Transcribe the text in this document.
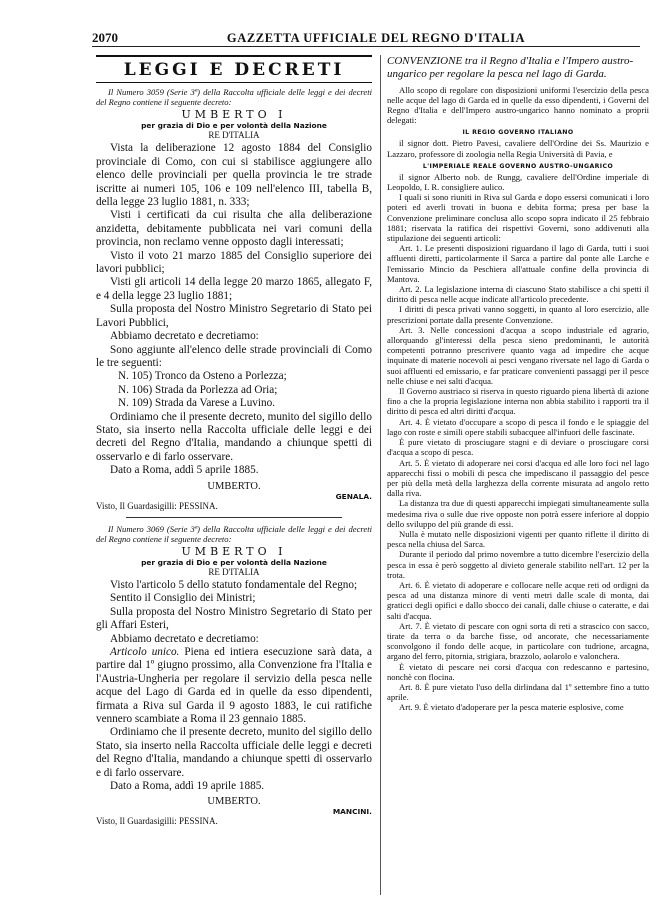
2070	GAZZETTA UFFICIALE DEL REGNO D'ITALIA
LEGGI E DECRETI

Il Numero 3059 (Serie 3ª) della Raccolta ufficiale delle leggi e dei decreti del Regno contiene il seguente decreto:

UMBERTO I

per grazia di Dio e per volontà della Nazione

RE D'ITALIA

Vista la deliberazione 12 agosto 1884 del Consiglio provinciale di Como, con cui si stabilisce aggiungere allo elenco delle provinciali per quella provincia le tre strade iscritte ai numeri 105, 106 e 109 nell'elenco III, tabella B, della legge 23 luglio 1881, n. 333;

Visti i certificati da cui risulta che alla deliberazione anzidetta, debitamente pubblicata nei vari comuni della provincia, non reclamo venne opposto dagli interessati;

Visto il voto 21 marzo 1885 del Consiglio superiore dei lavori pubblici;

Visti gli articoli 14 della legge 20 marzo 1865, allegato F, e 4 della legge 23 luglio 1881;

Sulla proposta del Nostro Ministro Segretario di Stato pei Lavori Pubblici,

Abbiamo decretato e decretiamo:

Sono aggiunte all'elenco delle strade provinciali di Como le tre seguenti:

N. 105) Tronco da Osteno a Porlezza;

N. 106) Strada da Porlezza ad Oria;

N. 109) Strada da Varese a Luvino.

Ordiniamo che il presente decreto, munito del sigillo dello Stato, sia inserto nella Raccolta ufficiale delle leggi e dei decreti del Regno d'Italia, mandando a chiunque spetti di osservarlo e di farlo osservare.

Dato a Roma, addì 5 aprile 1885.

UMBERTO.

GENALA.

Visto, Il Guardasigilli: PESSINA.

Il Numero 3069 (Serie 3ª) della Raccolta ufficiale delle leggi e dei decreti del Regno contiene il seguente decreto:

UMBERTO I

per grazia di Dio e per volontà della Nazione

RE D'ITALIA

Visto l'articolo 5 dello statuto fondamentale del Regno;

Sentito il Consiglio dei Ministri;

Sulla proposta del Nostro Ministro Segretario di Stato per gli Affari Esteri,

Abbiamo decretato e decretiamo:

Articolo unico. Piena ed intiera esecuzione sarà data, a partire dal 1º giugno prossimo, alla Convenzione fra l'Italia e l'Austria-Ungheria per regolare il servizio della pesca nelle acque del Lago di Garda ed in quelle da esso dipendenti, firmata a Riva sul Garda il 9 agosto 1883, le cui ratifiche vennero scambiate a Roma il 23 gennaio 1885.

Ordiniamo che il presente decreto, munito del sigillo dello Stato, sia inserto nella Raccolta ufficiale delle leggi e decreti del Regno d'Italia, mandando a chiunque spetti di osservarlo e di farlo osservare.

Dato a Roma, addì 19 aprile 1885.

UMBERTO.

MANCINI.

Visto, Il Guardasigilli: PESSINA.

CONVENZIONE tra il Regno d'Italia e l'Impero austro-ungarico per regolare la pesca nel lago di Garda.

Allo scopo di regolare con disposizioni uniformi l'esercizio della pesca nelle acque del lago di Garda ed in quelle da esso dipendenti, i Governi del Regno d'Italia e dell'Impero austro-ungarico hanno nominato a proprii delegati:

IL REGIO GOVERNO ITALIANO

il signor dott. Pietro Pavesi, cavaliere dell'Ordine dei Ss. Maurizio e Lazzaro, professore di zoologia nella Regia Università di Pavia, e

L'IMPERIALE REALE GOVERNO AUSTRO-UNGARICO

il signor Alberto nob. de Rungg, cavaliere dell'Ordine imperiale di Leopoldo, I. R. consigliere aulico.

I quali si sono riuniti in Riva sul Garda e dopo essersi comunicati i loro poteri ed averli trovati in buona e debita forma; presa per base la Convenzione preliminare conclusa allo scopo sopra indicato il 25 febbraio 1881; riservata la ratifica dei rispettivi Governi, sono addivenuti alla stipulazione dei seguenti articoli:

Art. 1. Le presenti disposizioni riguardano il lago di Garda, tutti i suoi affluenti diretti, particolarmente il Sarca a partire dal ponte alle Larche e l'emissario Mincio da Peschiera all'attuale confine della provincia di Mantova.

Art. 2. La legislazione interna di ciascuno Stato stabilisce a chi spetti il diritto di pesca nelle acque indicate all'articolo precedente.

I diritti di pesca privati vanno soggetti, in quanto al loro esercizio, alle prescrizioni portate dalla presente Convenzione.

Art. 3. Nelle concessioni d'acqua a scopo industriale ed agrario, allorquando gl'interessi della pesca sieno predominanti, le autorità competenti potranno prescrivere quanto vaga ad impedire che acque inquinate di materie nocevoli ai pesci vengano riversate nel lago di Garda o suoi affluenti ed emissario, e far praticare convenienti passaggi per il pesce nelle chiuse e nei salti d'acqua.

Il Governo austriaco si riserva in questo riguardo piena libertà di azione fino a che la propria legislazione interna non abbia stabilito i rapporti tra il diritto di pesca ed altri diritti d'acqua.

Art. 4. È vietato d'occupare a scopo di pesca il fondo e le spiaggie del lago con roste e simili opere stabili subacquee all'infuori delle fascinate.

È pure vietato di prosciugare stagni e di deviare o prosciugare corsi d'acqua a scopo di pesca.

Art. 5. È vietato di adoperare nei corsi d'acqua ed alle loro foci nel lago apparecchi fissi o mobili di pesca che impediscano il passaggio del pesce per più della metà della larghezza della corrente misurata ad angolo retto dalla riva.

La distanza tra due di questi apparecchi impiegati simultaneamente sulla medesima riva o sulle due rive opposte non potrà essere inferiore al doppio dello sviluppo del più grande di essi.

Nulla è mutato nelle disposizioni vigenti per quanto riflette il diritto di pesca nella chiusa del Sarca.

Durante il periodo dal primo novembre a tutto dicembre l'esercizio della pesca in essa è però soggetto al divieto generale stabilito nell'art. 12 per la trota.

Art. 6. È vietato di adoperare e collocare nelle acque reti od ordigni da pesca ad una distanza minore di venti metri dalle scale di monta, dai graticci degli opifici e dallo sbocco dei canali, dalle chiuse o cateratte, e dai salti d'acqua.

Art. 7. È vietato di pescare con ogni sorta di reti a strascico con sacco, tirate da terra o da barche fisse, od ancorate, che necessariamente sconvolgono il fondo delle acque, in particolare con tudrione, arcagna, argano del ferro, pitornia, strigiara, brazzolo, aolarolo e valonchera.

È vietato di pescare nei corsi d'acqua con redescanno e partesino, nonchè con flocina.

Art. 8. È pure vietato l'uso della dirlindana dal 1º settembre fino a tutto aprile.

Art. 9. È vietato d'adoperare per la pesca materie esplosive, come
